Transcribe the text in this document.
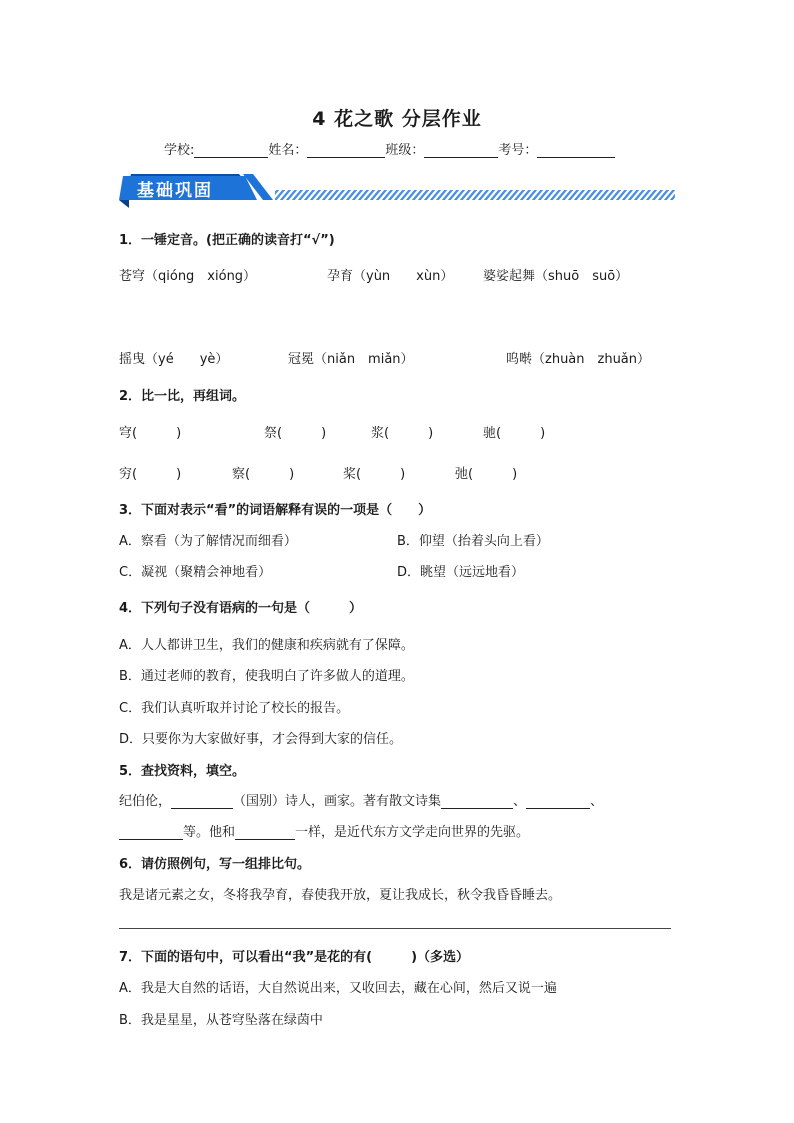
4 花之歌 分层作业
学校:	姓名：	班级：	考号：
基础巩固
1．一锤定音。(把正确的读音打“√”)
苍穹（qióng　xióng）	孕育（yùn　　xùn） 婆娑起舞（shuō　suō）
摇曳（yé　　yè）	冠冕（niǎn　miǎn）	呜啭（zhuàn　zhuǎn）
2．比一比，再组词。
穹(　　　)	祭(　　　)	浆(　　　)	驰(　　　)
穷(　　　)	察(　　　)	桨(　　　)	弛(　　　)
3．下面对表示“看”的词语解释有误的一项是（　　）
A．察看（为了解情况而细看）	B．仰望（抬着头向上看）
C．凝视（聚精会神地看）	D．眺望（远远地看）
4．下列句子没有语病的一句是（　　　）
A．人人都讲卫生，我们的健康和疾病就有了保障。
B．通过老师的教育，使我明白了许多做人的道理。
C．我们认真听取并讨论了校长的报告。
D．只要你为大家做好事，才会得到大家的信任。
5．查找资料，填空。
纪伯伦，	（国别）诗人，画家。著有散文诗集	、	、
等。他和	一样，是近代东方文学走向世界的先驱。
6．请仿照例句，写一组排比句。
我是诸元素之女，冬将我孕育，春使我开放，夏让我成长，秋令我昏昏睡去。
7．下面的语句中，可以看出“我”是花的有(　　　)（多选）
A．我是大自然的话语，大自然说出来，又收回去，藏在心间，然后又说一遍
B．我是星星，从苍穹坠落在绿茵中
